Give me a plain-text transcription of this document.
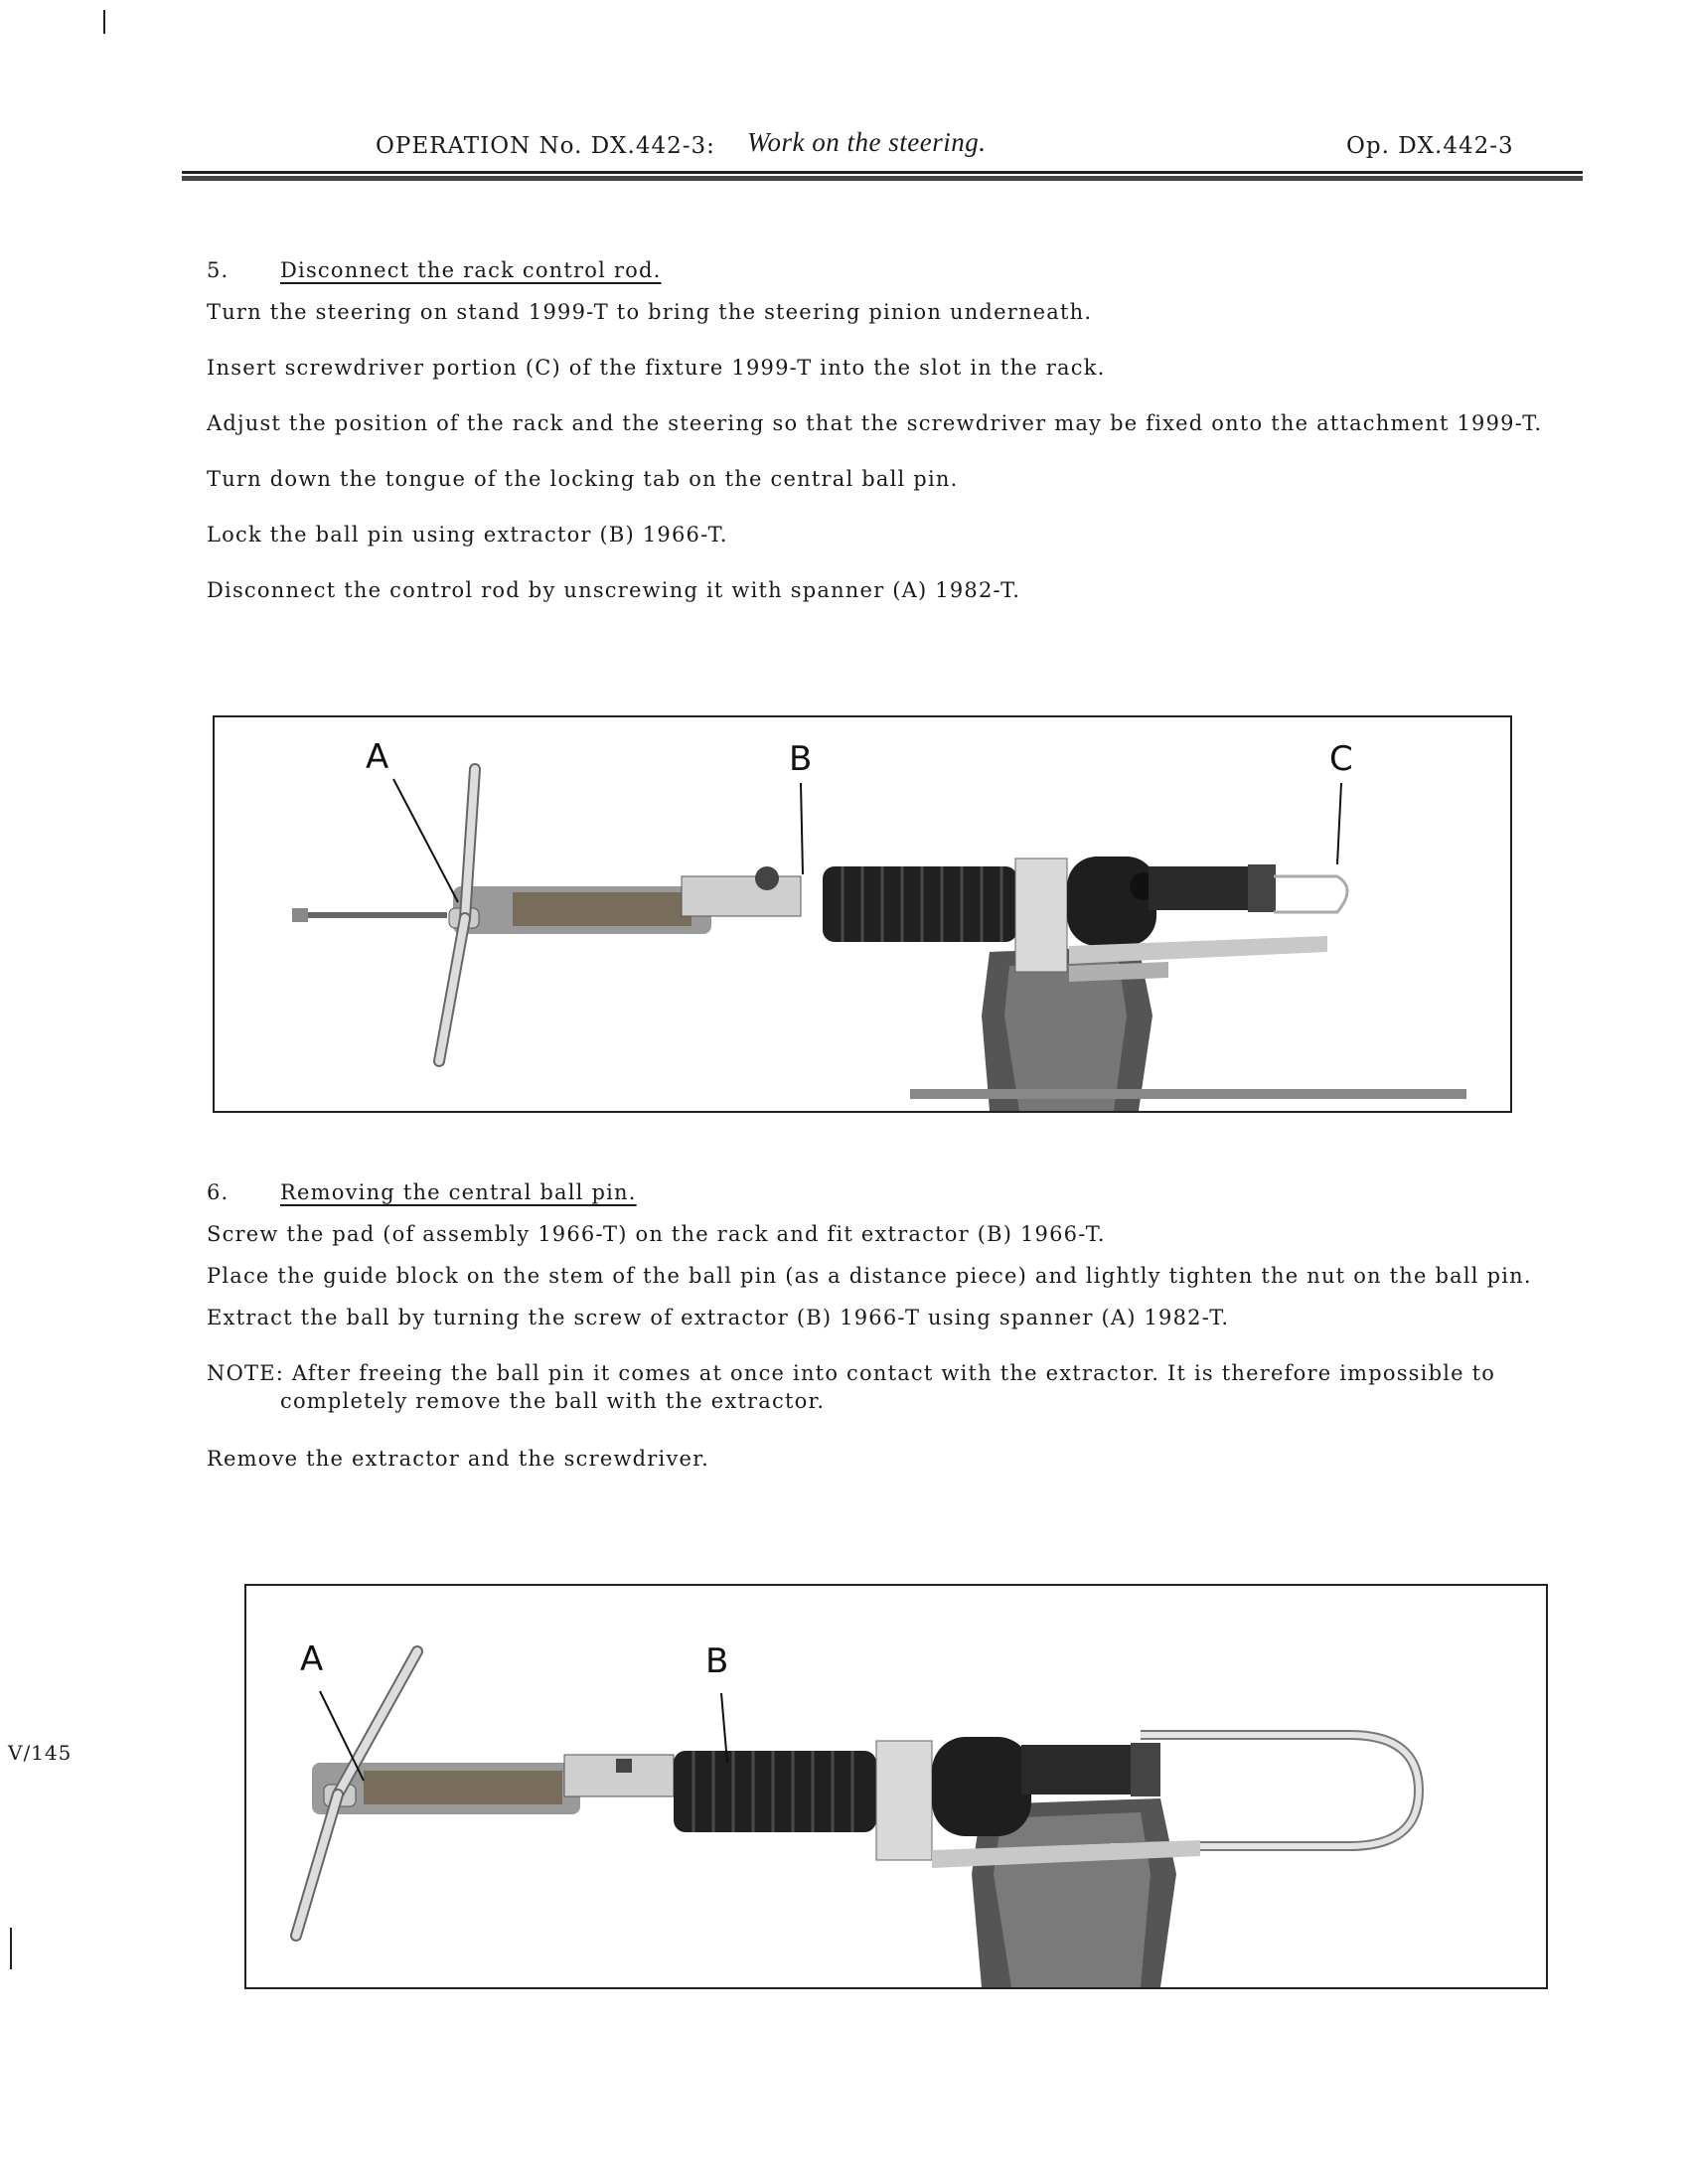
OPERATION No. DX.442-3: Work on the steering.	Op. DX.442-3
5. Disconnect the rack control rod.
Turn the steering on stand 1999-T to bring the steering pinion underneath.
Insert screwdriver portion (C) of the fixture 1999-T into the slot in the rack.
Adjust the position of the rack and the steering so that the screwdriver may be fixed onto the attachment 1999-T.
Turn down the tongue of the locking tab on the central ball pin.
Lock the ball pin using extractor (B) 1966-T.
Disconnect the control rod by unscrewing it with spanner (A) 1982-T.
A	B	C
6. Removing the central ball pin.
Screw the pad (of assembly 1966-T) on the rack and fit extractor (B) 1966-T.
Place the guide block on the stem of the ball pin (as a distance piece) and lightly tighten the nut on the ball pin.
Extract the ball by turning the screw of extractor (B) 1966-T using spanner (A) 1982-T.
NOTE: After freeing the ball pin it comes at once into contact with the extractor. It is therefore impossible to
completely remove the ball with the extractor.
Remove the extractor and the screwdriver.
A	B
V/145
